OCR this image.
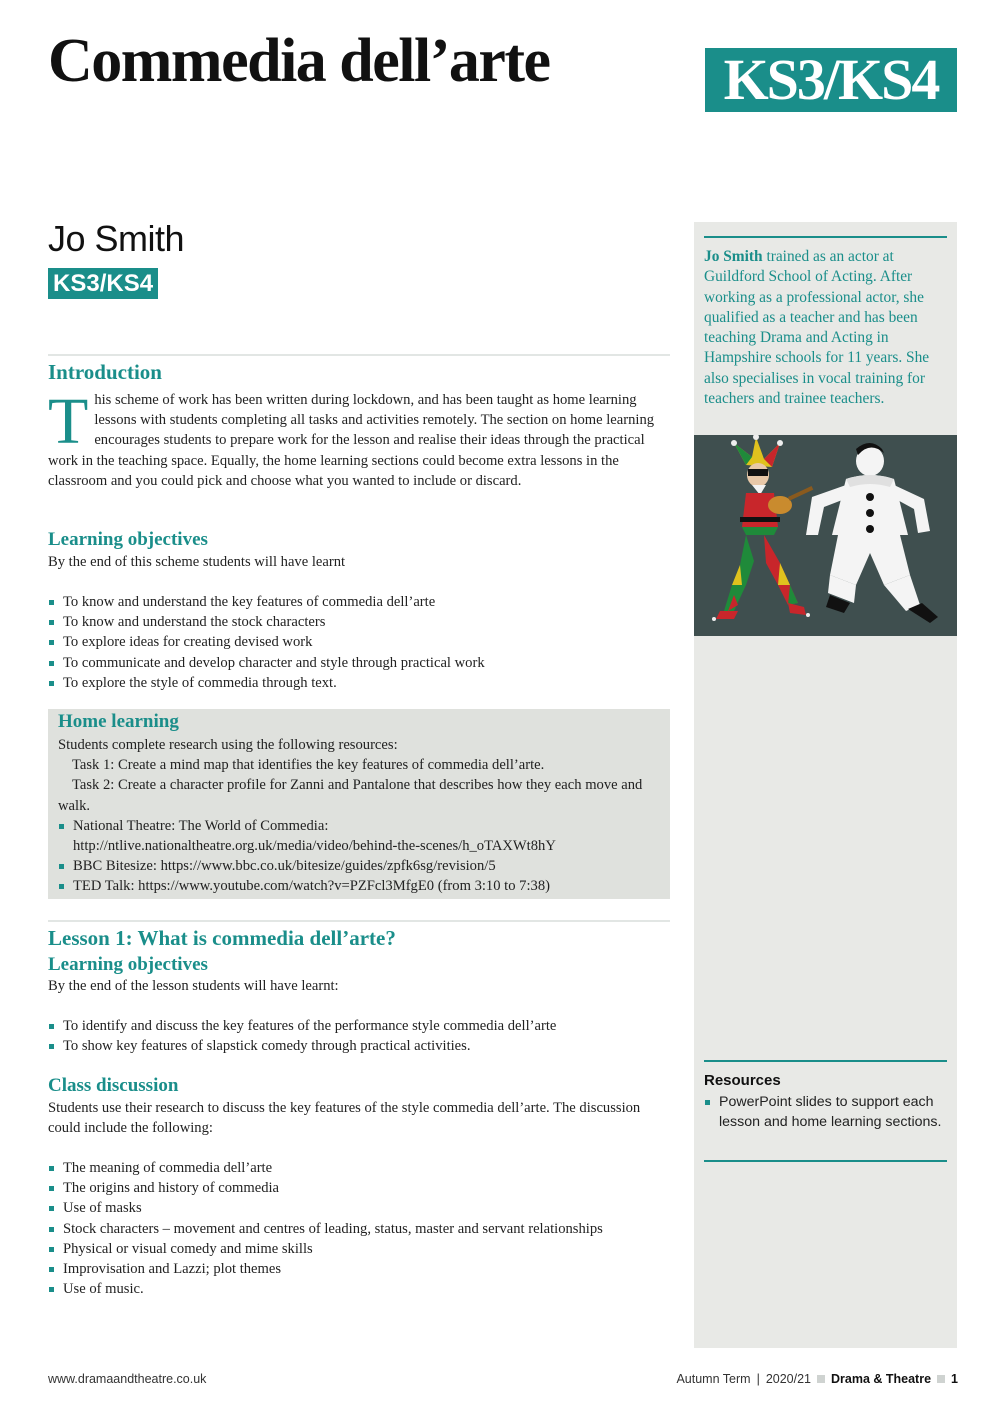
Commedia dell’arte	KS3/KS4
Jo Smith trained as an actor at Guildford School of Acting. After working as a professional actor, she qualified as a teacher and has been teaching Drama and Acting in Hampshire schools for 11 years. She also specialises in vocal training for teachers and trainee teachers.
Jo Smith
KS3/KS4
Introduction
This scheme of work has been written during lockdown, and has been taught as home learning lessons with students completing all tasks and activities remotely. The section on home learning encourages students to prepare work for the lesson and realise their ideas through the practical work in the teaching space. Equally, the home learning sections could become extra lessons in the classroom and you could pick and choose what you wanted to include or discard.
Learning objectives
By the end of this scheme students will have learnt
To know and understand the key features of commedia dell’arte
To know and understand the stock characters
To explore ideas for creating devised work
To communicate and develop character and style through practical work
To explore the style of commedia through text.
Home learning
Students complete research using the following resources:
Task 1: Create a mind map that identifies the key features of commedia dell’arte.
Task 2: Create a character profile for Zanni and Pantalone that describes how they each move and walk.
National Theatre: The World of Commedia: http://ntlive.nationaltheatre.org.uk/media/video/behind-the-scenes/h_oTAXWt8hY
BBC Bitesize: https://www.bbc.co.uk/bitesize/guides/zpfk6sg/revision/5
TED Talk: https://www.youtube.com/watch?v=PZFcl3MfgE0 (from 3:10 to 7:38)
Lesson 1: What is commedia dell’arte?
Learning objectives
By the end of the lesson students will have learnt:
To identify and discuss the key features of the performance style commedia dell’arte
To show key features of slapstick comedy through practical activities.
Class discussion
Students use their research to discuss the key features of the style commedia dell’arte. The discussion could include the following:
The meaning of commedia dell’arte
The origins and history of commedia
Use of masks
Stock characters – movement and centres of leading, status, master and servant relationships
Physical or visual comedy and mime skills
Improvisation and Lazzi; plot themes
Use of music.
Resources
PowerPoint slides to support each lesson and home learning sections.
www.dramaandtheatre.co.uk	Autumn Term | 2020/21 Drama & Theatre 1
